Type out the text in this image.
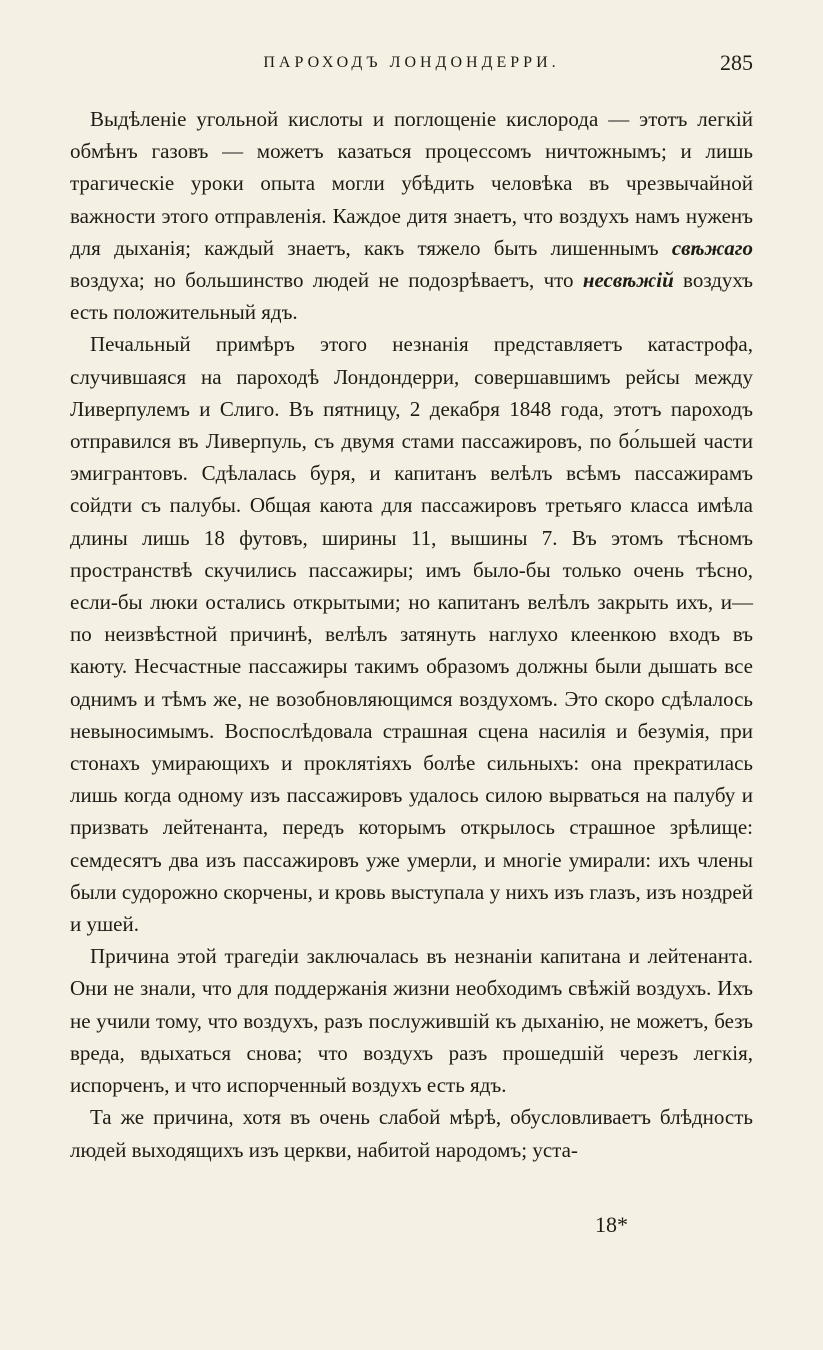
ПАРОХОДЪ ЛОНДОНДЕРРИ.	285

Выдѣленіе угольной кислоты и поглощеніе кислорода — этотъ легкій обмѣнъ газовъ — можетъ казаться процессомъ ничтожнымъ; и лишь трагическіе уроки опыта могли убѣдить человѣка въ чрезвычайной важности этого отправленія. Каждое дитя знаетъ, что воздухъ намъ нуженъ для дыханія; каждый знаетъ, какъ тяжело быть лишеннымъ свѣжаго воздуха; но большинство людей не подозрѣваетъ, что несвѣжій воздухъ есть положительный ядъ.

Печальный примѣръ этого незнанія представляетъ катастрофа, случившаяся на пароходѣ Лондондерри, совершавшимъ рейсы между Ливерпулемъ и Слиго. Въ пятницу, 2 декабря 1848 года, этотъ пароходъ отправился въ Ливерпуль, съ двумя стами пассажировъ, по бо́льшей части эмигрантовъ. Сдѣлалась буря, и капитанъ велѣлъ всѣмъ пассажирамъ сойдти съ палубы. Общая каюта для пассажировъ третьяго класса имѣла длины лишь 18 футовъ, ширины 11, вышины 7. Въ этомъ тѣсномъ пространствѣ скучились пассажиры; имъ было-бы только очень тѣсно, если-бы люки остались открытыми; но капитанъ велѣлъ закрыть ихъ, и—по неизвѣстной причинѣ, велѣлъ затянуть наглухо клеенкою входъ въ каюту. Несчастные пассажиры такимъ образомъ должны были дышать все однимъ и тѣмъ же, не возобновляющимся воздухомъ. Это скоро сдѣлалось невыносимымъ. Воспослѣдовала страшная сцена насилія и безумія, при стонахъ умирающихъ и проклятіяхъ болѣе сильныхъ: она прекратилась лишь когда одному изъ пассажировъ удалось силою вырваться на палубу и призвать лейтенанта, передъ которымъ открылось страшное зрѣлище: семдесятъ два изъ пассажировъ уже умерли, и многіе умирали: ихъ члены были судорожно скорчены, и кровь выступала у нихъ изъ глазъ, изъ ноздрей и ушей.

Причина этой трагедіи заключалась въ незнаніи капитана и лейтенанта. Они не знали, что для поддержанія жизни необходимъ свѣжій воздухъ. Ихъ не учили тому, что воздухъ, разъ послужившій къ дыханію, не можетъ, безъ вреда, вдыхаться снова; что воздухъ разъ прошедшій черезъ легкія, испорченъ, и что испорченный воздухъ есть ядъ.

Та же причина, хотя въ очень слабой мѣрѣ, обусловливаетъ блѣдность людей выходящихъ изъ церкви, набитой народомъ; уста-

18*
